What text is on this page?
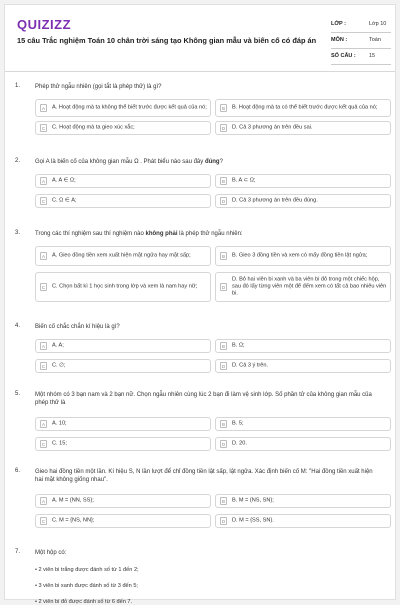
QUIZIZZ
15 câu Trắc nghiệm Toán 10 chân trời sáng tạo Không gian mẫu và biến cố có đáp án
LỚP :	Lớp 10
MÔN :	Toán
SỐ CÂU : 15
1. Phép thử ngẫu nhiên (gọi tắt là phép thử) là gì?
A	A. Hoạt động mà ta không thể biết trước được kết quả của nó;	B	B. Hoạt động mà ta có thể biết trước được kết quả của nó;
C	C. Hoạt động mà ta gieo xúc xắc;	D	D. Cả 3 phương án trên đều sai.
2. Gọi A là biến cố của không gian mẫu Ω . Phát biểu nào sau đây đúng?
A	A. A ∈ Ω;	B	B. A ⊂ Ω;
C	C. Ω ∈ A;	D	D. Cả 3 phương án trên đều đúng.
3. Trong các thí nghiệm sau thí nghiệm nào không phải là phép thử ngẫu nhiên:
A	A. Gieo đồng tiền xem xuất hiện mặt ngửa hay mặt sấp;	B	B. Gieo 3 đồng tiền và xem có mấy đồng tiền lật ngửa;
C	C. Chọn bất kì 1 học sinh trong lớp và xem là nam hay nữ;	D
D. Bỏ hai viên bi xanh và ba viên bi đỏ trong một chiếc hộp, sau đó lấy từng viên một để đếm xem có tất cả bao nhiêu viên bi.
4. Biến cố chắc chắn kí hiệu là gì?
A	A. A;	B	B. Ω;
C	C. ∅;	D	D. Cả 3 ý trên.
5. Một nhóm có 3 bạn nam và 2 bạn nữ. Chọn ngẫu nhiên cùng lúc 2 bạn đi làm vệ sinh lớp. Số phần tử của không gian mẫu của phép thử là
A	A. 10;	B	B. 5;
C	C. 15;	D	D. 20.
6. Gieo hai đồng tiền một lần. Kí hiệu S, N lần lượt để chỉ đồng tiền lật sấp, lật ngửa. Xác định biến cố M: "Hai đồng tiền xuất hiện hai mặt không giống nhau".
A	A. M = {NN, SS};	B	B. M = {NS, SN};
C	C. M = {NS, NN};	D	D. M = {SS, SN}.
7. Một hộp có:
• 2 viên bi trắng được đánh số từ 1 đến 2;
• 3 viên bi xanh được đánh số từ 3 đến 5;
• 2 viên bi đỏ được đánh số từ 6 đến 7.
